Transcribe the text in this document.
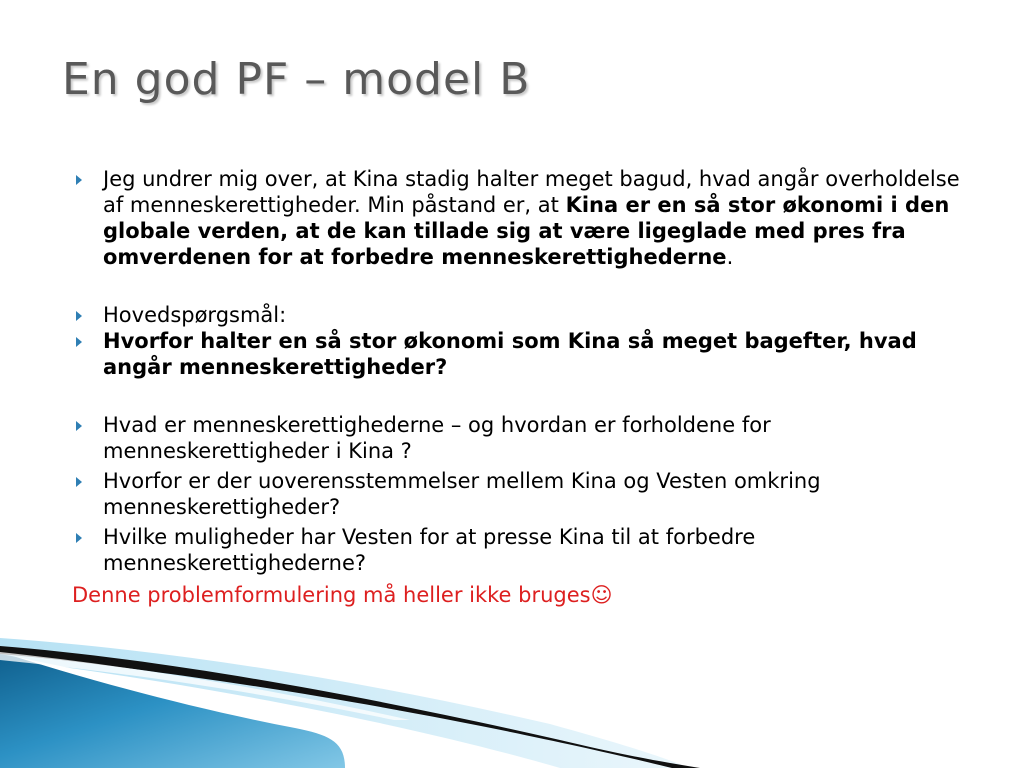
En god PF – model B
Jeg undrer mig over, at Kina stadig halter meget bagud, hvad angår overholdelse af menneskerettigheder. Min påstand er, at Kina er en så stor økonomi i den globale verden, at de kan tillade sig at være ligeglade med pres fra omverdenen for at forbedre menneskerettighederne.
Hovedspørgsmål:
Hvorfor halter en så stor økonomi som Kina så meget bagefter, hvad angår menneskerettigheder?
Hvad er menneskerettighederne – og hvordan er forholdene for menneskerettigheder i Kina ?
Hvorfor er der uoverensstemmelser mellem Kina og Vesten omkring menneskerettigheder?
Hvilke muligheder har Vesten for at presse Kina til at forbedre menneskerettighederne?
Denne problemformulering må heller ikke bruges☺
